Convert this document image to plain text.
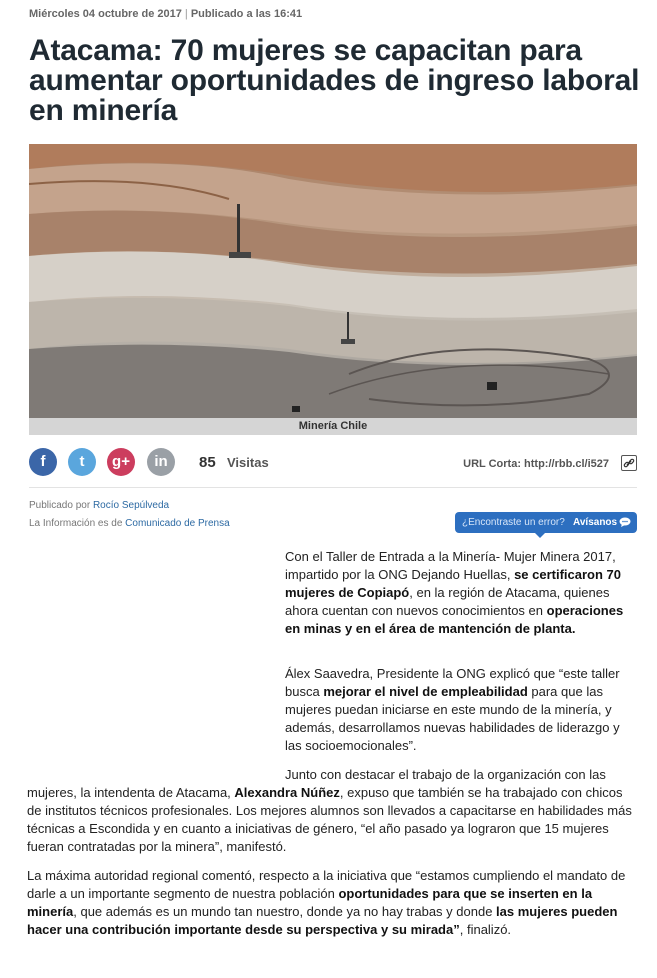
Miércoles 04 octubre de 2017 | Publicado a las 16:41
Atacama: 70 mujeres se capacitan para aumentar oportunidades de ingreso laboral en minería
Minería Chile
f	t	g+	in	85 Visitas	URL Corta: http://rbb.cl/i527
Publicado por Rocío Sepúlveda
La Información es de Comunicado de Prensa	¿Encontraste un error? Avísanos

Con el Taller de Entrada a la Minería- Mujer Minera 2017, impartido por la ONG Dejando Huellas, se certificaron 70 mujeres de Copiapó, en la región de Atacama, quienes ahora cuentan con nuevos conocimientos en operaciones en minas y en el área de mantención de planta.

Álex Saavedra, Presidente la ONG explicó que “este taller busca mejorar el nivel de empleabilidad para que las mujeres puedan iniciarse en este mundo de la minería, y además, desarrollamos nuevas habilidades de liderazgo y las socioemocionales”.

Junto con destacar el trabajo de la organización con las mujeres, la intendenta de Atacama, Alexandra Núñez, expuso que también se ha trabajado con chicos de institutos técnicos profesionales. Los mejores alumnos son llevados a capacitarse en habilidades más técnicas a Escondida y en cuanto a iniciativas de género, “el año pasado ya lograron que 15 mujeres fueran contratadas por la minera”, manifestó.

La máxima autoridad regional comentó, respecto a la iniciativa que “estamos cumpliendo el mandato de darle a un importante segmento de nuestra población oportunidades para que se inserten en la minería, que además es un mundo tan nuestro, donde ya no hay trabas y donde las mujeres pueden hacer una contribución importante desde su perspectiva y su mirada”, finalizó.
